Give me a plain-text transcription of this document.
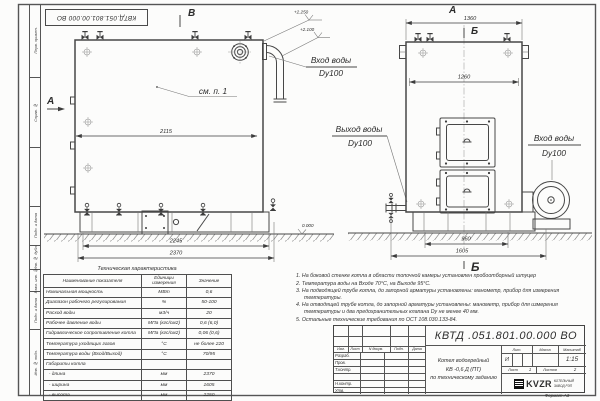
2115
2245
2370
+2.250
+2.100
0.000
В
А
см. п. 1
Вход воды
Dy100
Выход воды
Dy100	Вход воды
Dy100
А
1360
Б
1260
960
1605
Б
Перв. примен.
Справ. №
Подп. и дата
Инв. № дубл.
Взам. инв. №
Подп. и дата
Инв. № подл.
КВТД.051.801.00.000 ВО
Техническая характеристика
Наименование показателя	Единицы измерения	Значение
Номинальная мощность	МВт	0,6
Диапазон рабочего регулирования	%	50-100
Расход воды	м3/ч	20
Рабочее давление воды	МПа (кгс/см2)	0,6 (6,0)
Гидравлическое сопротивление котла	МПа (кгс/см2)	0,06 (0,6)
Температура уходящих газов	°С	не более 220
Температура воды (Вход/Выход)	°С	70/95
Габариты котла		
- длина	мм	2370
- ширина	мм	1605
- высота	мм	2250
1. На боковой стенке котла в области топочной камеры установлен пробоотборный штуцер
2. Температура воды на Входе 70°С, на Выходе 95°С.
3. На подводящей трубе котла, до запорной арматуры установлены: манометр, прибор для измерения температуры.
4. На отводящей трубе котла, до запорной арматуры установлены: манометр, прибор для измерения температуры и два предохранительных клапана Dy не менее 40 мм.
5. Остальные технические требования по ОСТ 108.030.133-84.
Изм.	Лист	N докум.	Подп.	Дата
Разраб.
Пров.
Т.контр.
Н.контр.
Утв.
КВТД .051.801.00.000 ВО
Котел водогрейный
КВ -0,6 Д (ПТ)
по техническому заданию
Лит.	Масса	Масштаб
И	1:15
Лист	1	Листов	2
KVZR КОТЕЛЬНЫЙ
ЗАВОД РЭП
Формат А3
